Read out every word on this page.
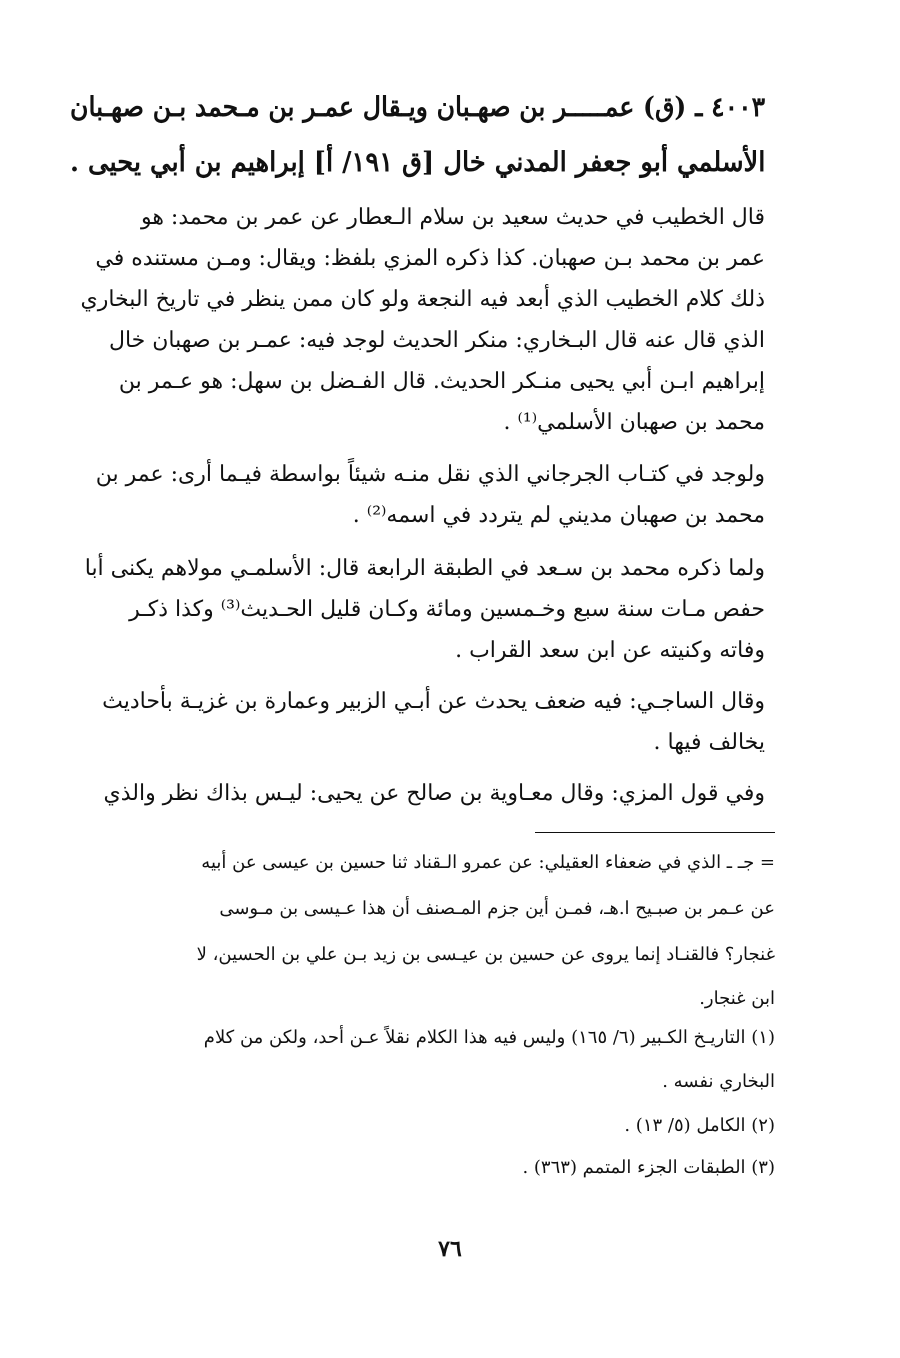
٤٠٠٣ ـ (ق) عمـــــر بن صهـبان ويـقال عمـر بن مـحمد بـن صهـبان
الأسلمي أبو جعفر المدني خال [ق ١٩١/ أ] إبراهيم بن أبي يحيى .
قال الخطيب في حديث سعيد بن سلام الـعطار عن عمر بن محمد: هو
عمر بن محمد بـن صهبان. كذا ذكره المزي بلفظ: ويقال: ومـن مستنده في
ذلك كلام الخطيب الذي أبعد فيه النجعة ولو كان ممن ينظر في تاريخ البخاري
الذي قال عنه قال البـخاري: منكر الحديث لوجد فيه: عمـر بن صهبان خال
إبراهيم ابـن أبي يحيى منـكر الحديث. قال الفـضل بن سهل: هو عـمر بن
محمد بن صهبان الأسلمي⁽¹⁾ .
ولوجد في كتـاب الجرجاني الذي نقل منـه شيئاً بواسطة فيـما أرى: عمر بن
محمد بن صهبان مديني لم يتردد في اسمه⁽²⁾ .
ولما ذكره محمد بن سـعد في الطبقة الرابعة قال: الأسلمـي مولاهم يكنى أبا
حفص مـات سنة سبع وخـمسين ومائة وكـان قليل الحـديث⁽³⁾ وكذا ذكـر
وفاته وكنيته عن ابن سعد القراب .
وقال الساجـي: فيه ضعف يحدث عن أبـي الزبير وعمارة بن غزيـة بأحاديث
يخالف فيها .
وفي قول المزي: وقال معـاوية بن صالح عن يحيى: ليـس بذاك نظر والذي
= جـ ـ الذي في ضعفاء العقيلي: عن عمرو الـقناد ثنا حسين بن عيسى عن أبيه
عن عـمر بن صبـيح ا.هـ، فمـن أين جزم المـصنف أن هذا عـيسى بن مـوسى
غنجار؟ فالقنـاد إنما يروى عن حسين بن عيـسى بن زيد بـن علي بن الحسين، لا
ابن غنجار.
(١) التاريـخ الكـبير (٦/ ١٦٥) وليس فيه هذا الكلام نقلاً عـن أحد، ولكن من كلام
البخاري نفسه .
(٢) الكامل (٥/ ١٣) .
(٣) الطبقات الجزء المتمم (٣٦٣) .
٧٦
